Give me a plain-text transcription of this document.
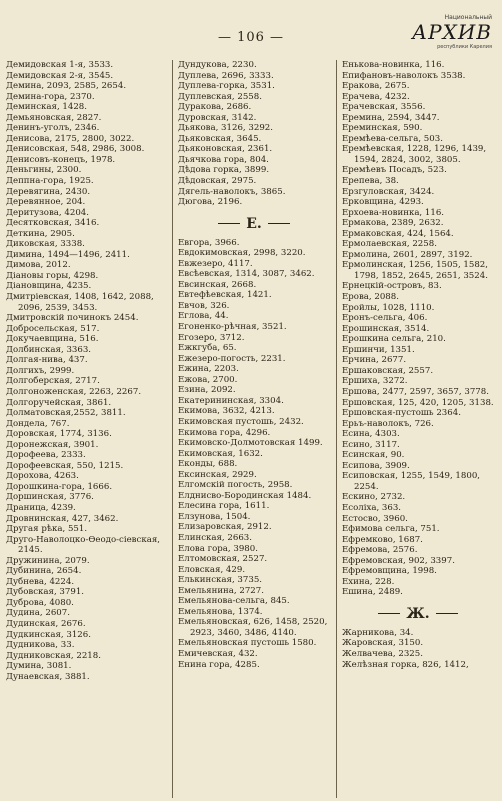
— 106 —
Национальный
АРХИВ
республики Карелия
Демидовская 1-я, 3533.
Демидовская 2-я, 3545.
Демина, 2093, 2585, 2654.
Демина-гора, 2370.
Деминская, 1428.
Демьяновская, 2827.
Денинъ-уголъ, 2346.
Денисова, 2175, 2800, 3022.
Денисовская, 548, 2986, 3008.
Денисовъ-конецъ, 1978.
Деньгины, 2300.
Деппна-гора, 1925.
Деревягина, 2430.
Деревянное, 204.
Деритузова, 4204.
Десятковская, 3416.
Деткина, 2905.
Диковская, 3338.
Димина, 1494—1496, 2411.
Димова, 2012.
Діановы горы, 4298.
Діановщина, 4235.
Дмитріевская, 1408, 1642, 2088, 2096, 2539, 3453.
Дмитровскій починокъ 2454.
Добросельская, 517.
Докучаевщина, 516.
Долбинская, 3363.
Долгая-нива, 437.
Долгихъ, 2999.
Долгоберская, 2717.
Долгоноженская, 2263, 2267.
Долгоручейская, 3861.
Долматовская,2552, 3811.
Дондела, 767.
Доровская, 1774, 3136.
Доронежская, 3901.
Дорофеева, 2333.
Дорофеевская, 550, 1215.
Дорохова, 4263.
Дорошкина-гора, 1666.
Доршинская, 3776.
Драница, 4239.
Дровнинская, 427, 3462.
Другая рѣка, 551.
Друго-Наволоцко-Ѳеодо-сіевская, 2145.
Дружинина, 2079.
Дубинина, 2654.
Дубнева, 4224.
Дубовская, 3791.
Дуброва, 4080.
Дудина, 2607.
Дудинская, 2676.
Дудкинская, 3126.
Дудникова, 33.
Дудниковская, 2218.
Думина, 3081.
Дунаевская, 3881.
Дундукова, 2230.
Дуплева, 2696, 3333.
Дуплева-горка, 3531.
Дуплевская, 2558.
Дуракова, 2686.
Дуровская, 3142.
Дьякова, 3126, 3292.
Дьяковская, 3645.
Дьяконовская, 2361.
Дьячкова гора, 804.
Дѣдова горка, 3899.
Дѣдовская, 2975.
Дягель-наволокъ, 3865.
Дюгова, 2196.
Е.
Евгора, 3966.
Евдокимовская, 2998, 3220.
Евжезеро, 4117.
Евсѣевская, 1314, 3087, 3462.
Евсинская, 2668.
Евтефѣевская, 1421.
Евчов, 326.
Еглова, 44.
Егоненко-рѣчная, 3521.
Егозеро, 3712.
Ежкгуба, 65.
Ежезеро-погость, 2231.
Ежина, 2203.
Ежова, 2700.
Езина, 2092.
Екатерининская, 3304.
Екимова, 3632, 4213.
Екимовская пустошь, 2432.
Екимова гора, 4296.
Екимовско-Долмотовская 1499.
Екимовская, 1632.
Еконды, 688.
Ексинская, 2929.
Елгомскій погость, 2958.
Елднисво-Бородинская 1484.
Елесина гора, 1611.
Елзунова, 1504.
Елизаровская, 2912.
Елинская, 2663.
Елова гора, 3980.
Елтомовская, 2527.
Еловская, 429.
Елькинская, 3735.
Емельянина, 2727.
Емельянова-сельга, 845.
Емельянова, 1374.
Емельяновская, 626, 1458, 2520, 2923, 3460, 3486, 4140.
Емельяновская пустошь 1580.
Емичевская, 432.
Енина гора, 4285.
Енькова-новинка, 116.
Епифановъ-наволокъ 3538.
Еракова, 2675.
Ерачева, 4232.
Ерачевская, 3556.
Еремина, 2594, 3447.
Ереминская, 590.
Еремѣева-сельга, 503.
Еремѣевская, 1228, 1296, 1439, 1594, 2824, 3002, 3805.
Еремѣевъ Посадъ, 523.
Ерепева, 38.
Ерзгуловская, 3424.
Ерковщина, 4293.
Ерхоева-новинка, 116.
Ермакова, 2389, 2632.
Ермаковская, 424, 1564.
Ермолаевская, 2258.
Ермолина, 2601, 2897, 3192.
Ермолинская, 1256, 1505, 1582, 1798, 1852, 2645, 2651, 3524.
Ернецкій-островъ, 83.
Ерова, 2088.
Еройлы, 1028, 1110.
Еронъ-сельга, 406.
Ерошинская, 3514.
Ерошкина сельга, 210.
Ершинчи, 1351.
Ерчина, 2677.
Ершаковская, 2557.
Ершиха, 3272.
Ершова, 2477, 2597, 3657, 3778.
Ершовская, 125, 420, 1205, 3138.
Ершовская-пустошь 2364.
Ерьъ-наволокъ, 726.
Есина, 4303.
Есино, 3117.
Есинская, 90.
Есипова, 3909.
Есиповская, 1255, 1549, 1800, 2254.
Ескино, 2732.
Есоліха, 363.
Естосво, 3960.
Ефимова сельга, 751.
Ефремково, 1687.
Ефремова, 2576.
Ефремовская, 902, 3397.
Ефремовщина, 1998.
Ехина, 228.
Ешина, 2489.
Ж.
Жарникова, 34.
Жаровская, 3150.
Желвачева, 2325.
Желѣзная горка, 826, 1412,
